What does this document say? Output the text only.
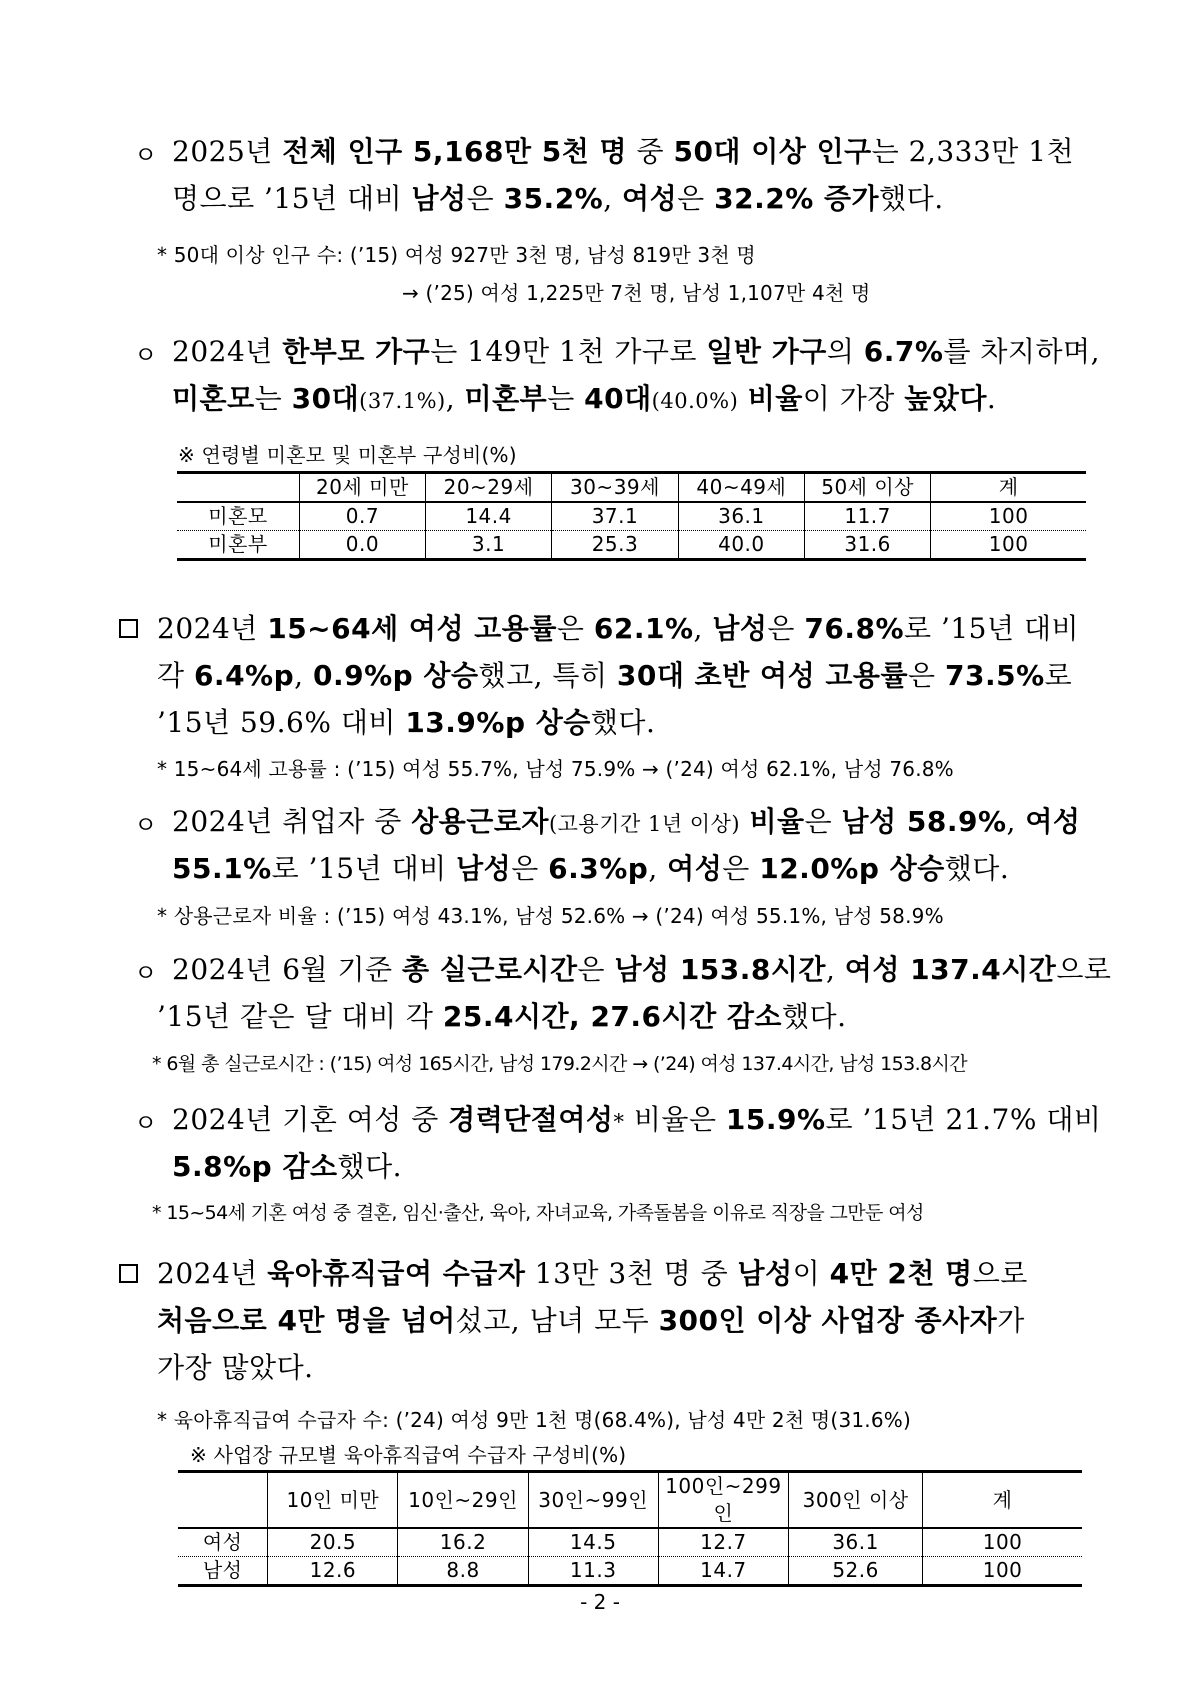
ㅇ 2025년 전체 인구 5,168만 5천 명 중 50대 이상 인구는 2,333만 1천
명으로 ’15년 대비 남성은 35.2%, 여성은 32.2% 증가했다.
* 50대 이상 인구 수: (’15) 여성 927만 3천 명, 남성 819만 3천 명
→ (’25) 여성 1,225만 7천 명, 남성 1,107만 4천 명
ㅇ 2024년 한부모 가구는 149만 1천 가구로 일반 가구의 6.7%를 차지하며,
미혼모는 30대(37.1%), 미혼부는 40대(40.0%) 비율이 가장 높았다.
※ 연령별 미혼모 및 미혼부 구성비(%)
	20세 미만	20~29세	30~39세	40~49세	50세 이상	계
미혼모	0.7	14.4	37.1	36.1	11.7	100
미혼부	0.0	3.1	25.3	40.0	31.6	100
2024년 15~64세 여성 고용률은 62.1%, 남성은 76.8%로 ’15년 대비
각 6.4%p, 0.9%p 상승했고, 특히 30대 초반 여성 고용률은 73.5%로
’15년 59.6% 대비 13.9%p 상승했다.
* 15~64세 고용률 : (’15) 여성 55.7%, 남성 75.9% → (’24) 여성 62.1%, 남성 76.8%
ㅇ 2024년 취업자 중 상용근로자(고용기간 1년 이상) 비율은 남성 58.9%, 여성
55.1%로 ’15년 대비 남성은 6.3%p, 여성은 12.0%p 상승했다.
* 상용근로자 비율 : (’15) 여성 43.1%, 남성 52.6% → (’24) 여성 55.1%, 남성 58.9%
ㅇ 2024년 6월 기준 총 실근로시간은 남성 153.8시간, 여성 137.4시간으로
’15년 같은 달 대비 각 25.4시간, 27.6시간 감소했다.
* 6월 총 실근로시간 : (’15) 여성 165시간, 남성 179.2시간 → (’24) 여성 137.4시간, 남성 153.8시간
ㅇ 2024년 기혼 여성 중 경력단절여성* 비율은 15.9%로 ’15년 21.7% 대비
5.8%p 감소했다.
* 15~54세 기혼 여성 중 결혼, 임신·출산, 육아, 자녀교육, 가족돌봄을 이유로 직장을 그만둔 여성
2024년 육아휴직급여 수급자 13만 3천 명 중 남성이 4만 2천 명으로
처음으로 4만 명을 넘어섰고, 남녀 모두 300인 이상 사업장 종사자가
가장 많았다.
* 육아휴직급여 수급자 수: (’24) 여성 9만 1천 명(68.4%), 남성 4만 2천 명(31.6%)
※ 사업장 규모별 육아휴직급여 수급자 구성비(%)
	10인 미만	10인~29인	30인~99인	100인~299인	300인 이상	계
여성	20.5	16.2	14.5	12.7	36.1	100
남성	12.6	8.8	11.3	14.7	52.6	100
- 2 -
